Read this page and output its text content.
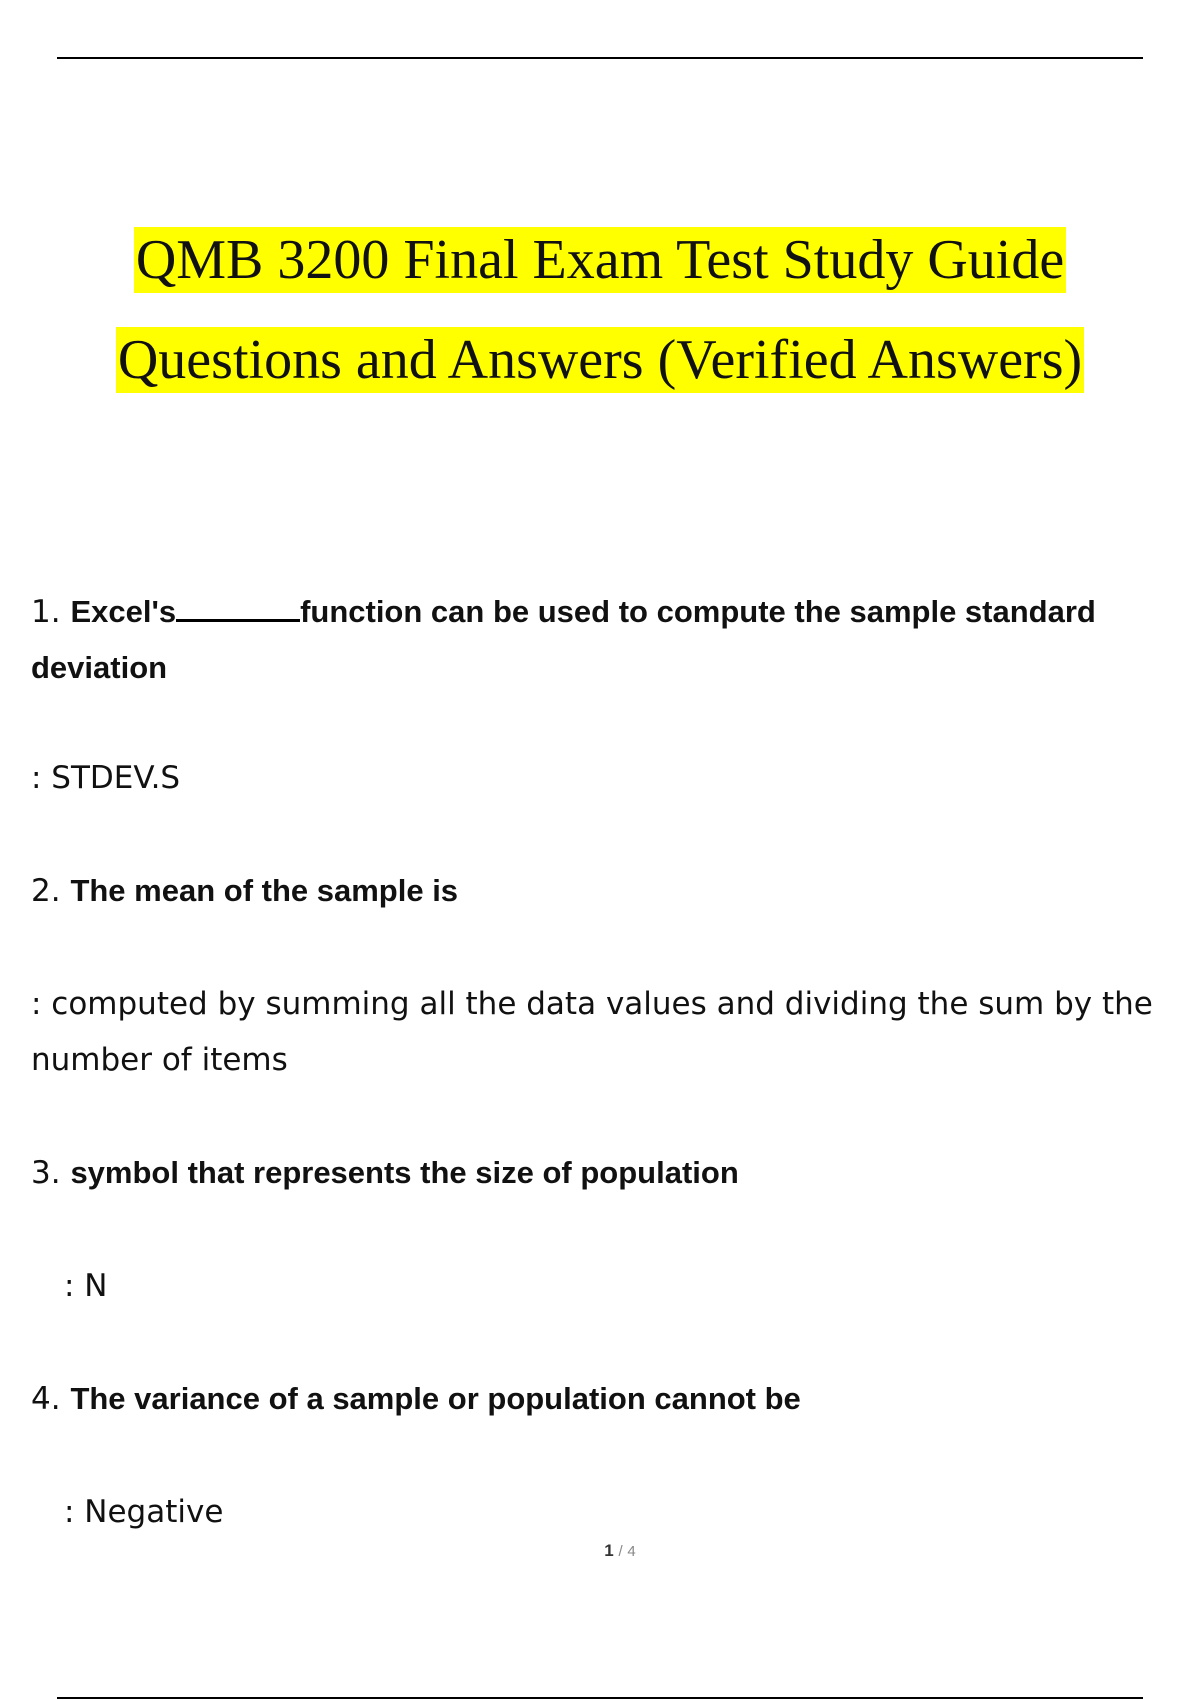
QMB 3200 Final Exam Test Study Guide
Questions and Answers (Verified Answers)
1. Excel's	function can be used to compute the sample standard deviation
: STDEV.S
2. The mean of the sample is
: computed by summing all the data values and dividing the sum by the number of items
3. symbol that represents the size of population
: N
4. The variance of a sample or population cannot be
: Negative
1 / 4
